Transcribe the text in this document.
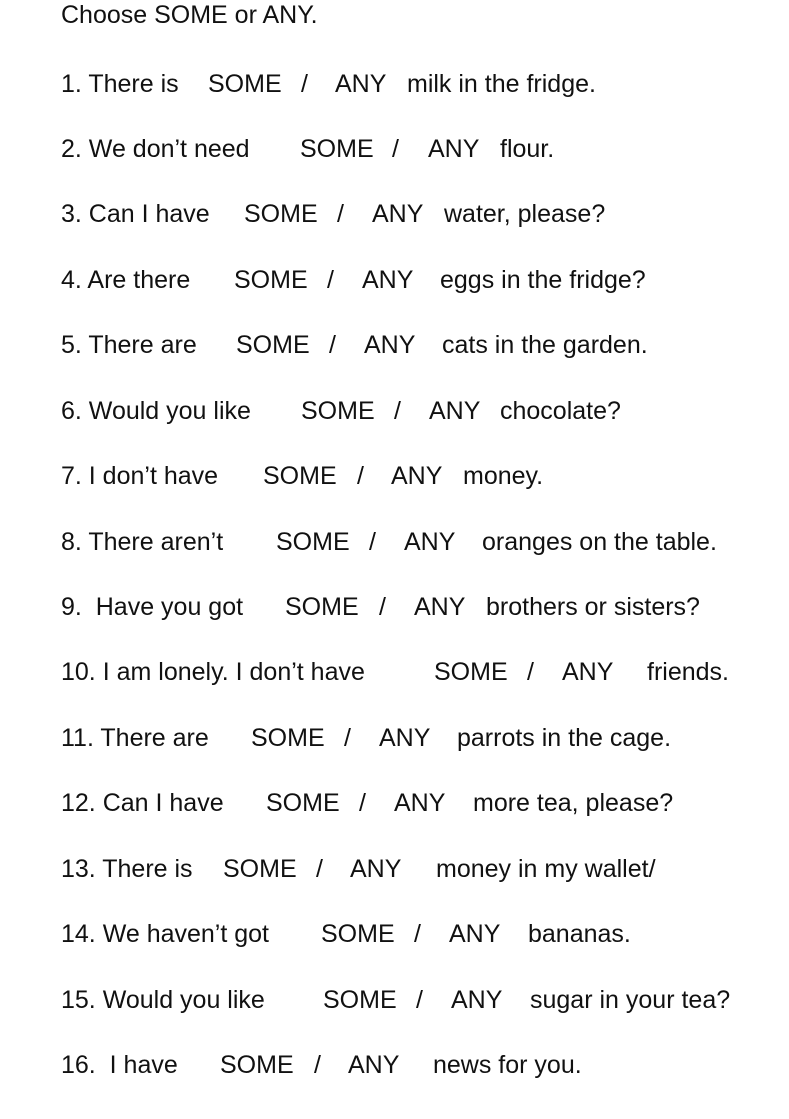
Choose SOME or ANY.
1. There is SOME / ANY milk in the fridge.
2. We don’t need SOME / ANY flour.
3. Can I have SOME / ANY water, please?
4. Are there SOME / ANY eggs in the fridge?
5. There are SOME / ANY cats in the garden.
6. Would you like SOME / ANY chocolate?
7. I don’t have SOME / ANY money.
8. There aren’t SOME / ANY oranges on the table.
9.  Have you got SOME / ANY brothers or sisters?
10. I am lonely. I don’t have	SOME / ANY friends.
11. There are SOME / ANY parrots in the cage.
12. Can I have SOME / ANY more tea, please?
13. There is SOME / ANY money in my wallet/
14. We haven’t got SOME / ANY bananas.
15. Would you like SOME / ANY sugar in your tea?
16.  I have SOME / ANY news for you.
